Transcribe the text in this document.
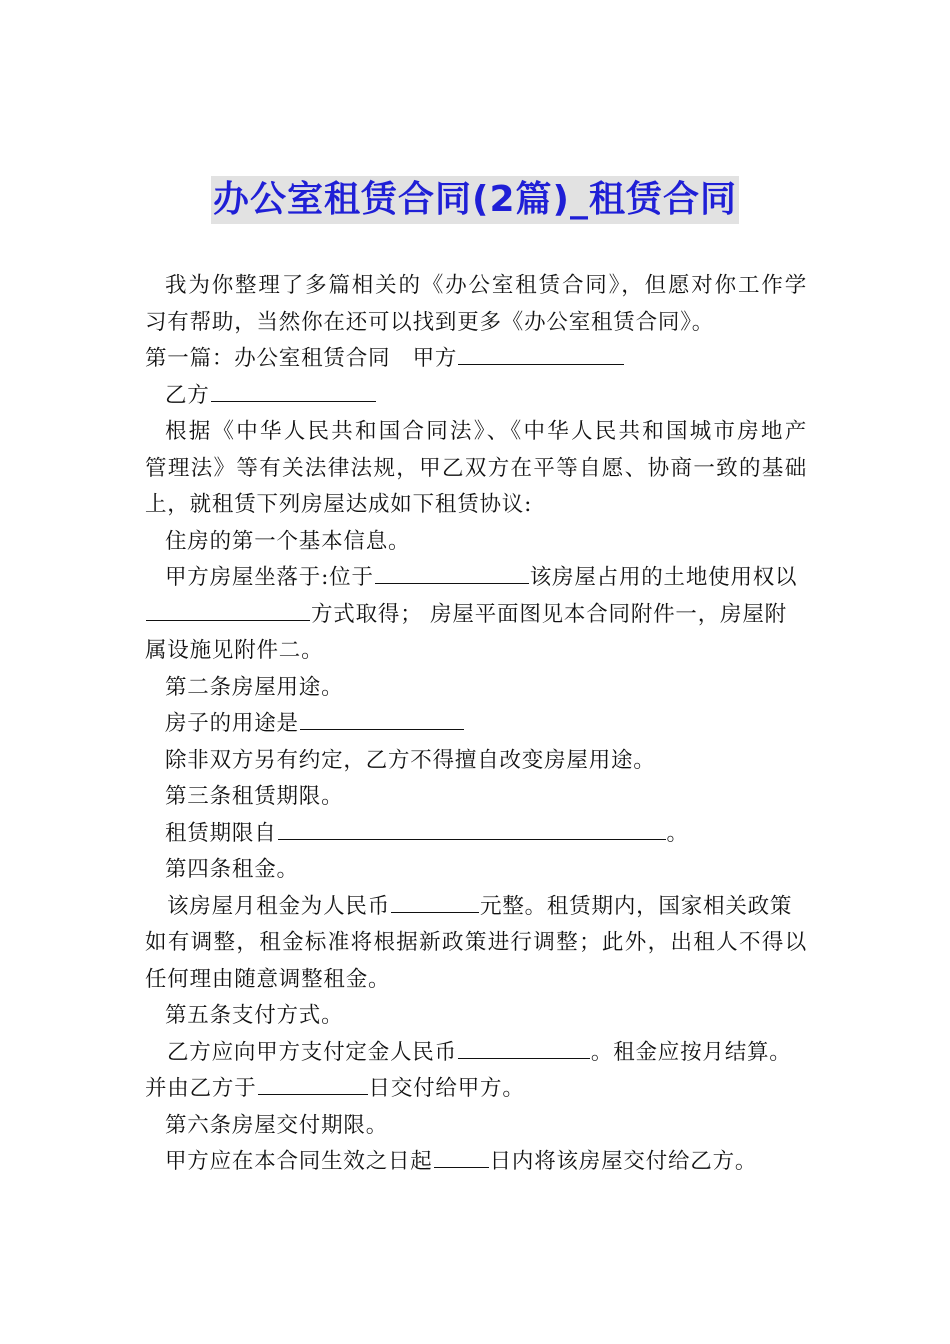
办公室租赁合同(2篇)_租赁合同
我为你整理了多篇相关的《办公室租赁合同》，但愿对你工作学
习有帮助，当然你在还可以找到更多《办公室租赁合同》。
第一篇：办公室租赁合同　甲方
乙方
根据《中华人民共和国合同法》、《中华人民共和国城市房地产
管理法》等有关法律法规，甲乙双方在平等自愿、协商一致的基础
上，就租赁下列房屋达成如下租赁协议:
住房的第一个基本信息。
甲方房屋坐落于:位于	该房屋占用的土地使用权以
方式取得； 房屋平面图见本合同附件一，房屋附
属设施见附件二。
第二条房屋用途。
房子的用途是
除非双方另有约定，乙方不得擅自改变房屋用途。
第三条租赁期限。
租赁期限自	。
第四条租金。
该房屋月租金为人民币	元整。租赁期内，国家相关政策
如有调整，租金标准将根据新政策进行调整；此外，出租人不得以
任何理由随意调整租金。
第五条支付方式。
乙方应向甲方支付定金人民币	。租金应按月结算。
并由乙方于	日交付给甲方。
第六条房屋交付期限。
甲方应在本合同生效之日起	日内将该房屋交付给乙方。
